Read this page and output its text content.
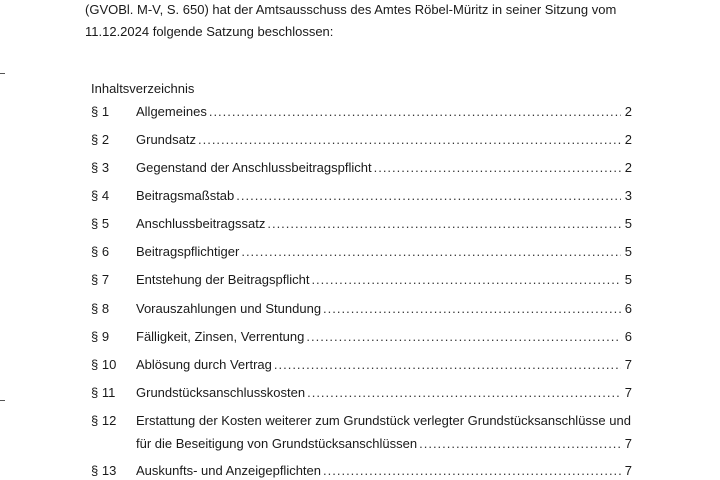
(GVOBl. M-V, S. 650) hat der Amtsausschuss des Amtes Röbel-Müritz in seiner Sitzung vom
11.12.2024 folgende Satzung beschlossen:
Inhaltsverzeichnis
§ 1 Allgemeines .....	2
§ 2 Grundsatz .....	2
§ 3 Gegenstand der Anschlussbeitragspflicht .....	2
§ 4 Beitragsmaßstab .....	3
§ 5 Anschlussbeitragssatz .....	5
§ 6 Beitragspflichtiger .....	5
§ 7 Entstehung der Beitragspflicht .....	5
§ 8 Vorauszahlungen und Stundung .....	6
§ 9 Fälligkeit, Zinsen, Verrentung .....	6
§ 10 Ablösung durch Vertrag .....	7
§ 11 Grundstücksanschlusskosten .....	7
§ 12 Erstattung der Kosten weiterer zum Grundstück verlegter Grundstücksanschlüsse und
für die Beseitigung von Grundstücksanschlüssen .....	7
§ 13 Auskunfts- und Anzeigepflichten .....	7
